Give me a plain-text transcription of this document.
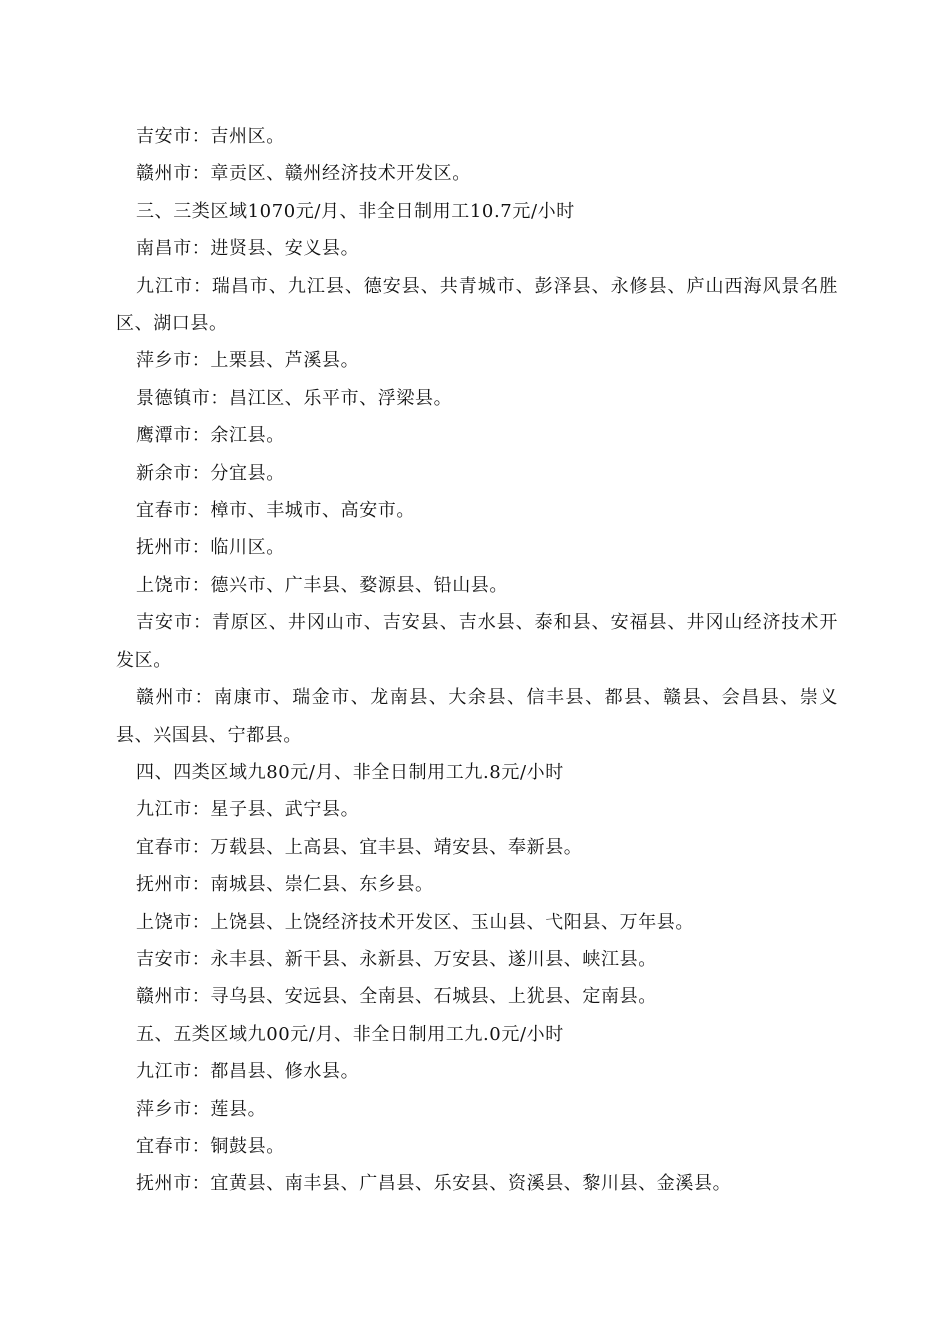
吉安市：吉州区。

赣州市：章贡区、赣州经济技术开发区。

三、三类区域1070元/月、非全日制用工10.7元/小时

南昌市：进贤县、安义县。

九江市：瑞昌市、九江县、德安县、共青城市、彭泽县、永修县、庐山西海风景名胜区、湖口县。

萍乡市：上栗县、芦溪县。

景德镇市：昌江区、乐平市、浮梁县。

鹰潭市：余江县。

新余市：分宜县。

宜春市：樟市、丰城市、高安市。

抚州市：临川区。

上饶市：德兴市、广丰县、婺源县、铅山县。

吉安市：青原区、井冈山市、吉安县、吉水县、泰和县、安福县、井冈山经济技术开发区。

赣州市：南康市、瑞金市、龙南县、大余县、信丰县、都县、赣县、会昌县、崇义县、兴国县、宁都县。

四、四类区域九80元/月、非全日制用工九.8元/小时

九江市：星子县、武宁县。

宜春市：万载县、上高县、宜丰县、靖安县、奉新县。

抚州市：南城县、崇仁县、东乡县。

上饶市：上饶县、上饶经济技术开发区、玉山县、弋阳县、万年县。

吉安市：永丰县、新干县、永新县、万安县、遂川县、峡江县。

赣州市：寻乌县、安远县、全南县、石城县、上犹县、定南县。

五、五类区域九00元/月、非全日制用工九.0元/小时

九江市：都昌县、修水县。

萍乡市：莲县。

宜春市：铜鼓县。

抚州市：宜黄县、南丰县、广昌县、乐安县、资溪县、黎川县、金溪县。
